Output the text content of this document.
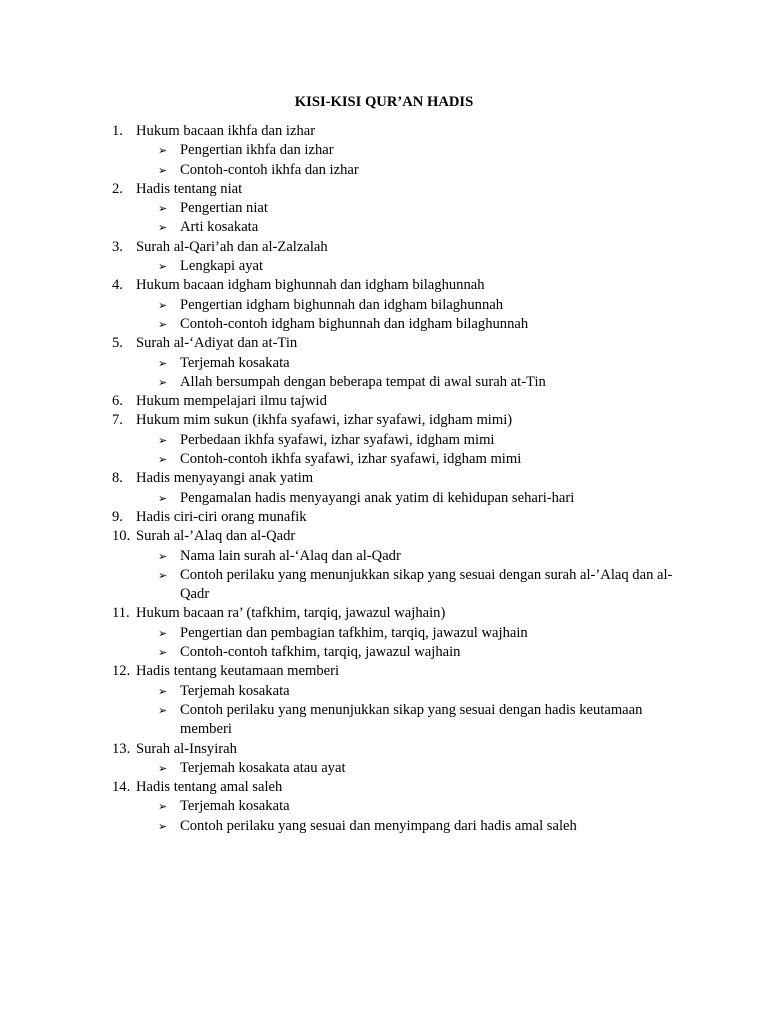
KISI-KISI QUR’AN HADIS
1. Hukum bacaan ikhfa dan izhar
➢ Pengertian ikhfa dan izhar
➢ Contoh-contoh ikhfa dan izhar
2. Hadis tentang niat
➢ Pengertian niat
➢ Arti kosakata
3. Surah al-Qari’ah dan al-Zalzalah
➢ Lengkapi ayat
4. Hukum bacaan idgham bighunnah dan idgham bilaghunnah
➢ Pengertian idgham bighunnah dan idgham bilaghunnah
➢ Contoh-contoh idgham bighunnah dan idgham bilaghunnah
5. Surah al-‘Adiyat dan at-Tin
➢ Terjemah kosakata
➢ Allah bersumpah dengan beberapa tempat di awal surah at-Tin
6. Hukum mempelajari ilmu tajwid
7. Hukum mim sukun (ikhfa syafawi, izhar syafawi, idgham mimi)
➢ Perbedaan ikhfa syafawi, izhar syafawi, idgham mimi
➢ Contoh-contoh ikhfa syafawi, izhar syafawi, idgham mimi
8. Hadis menyayangi anak yatim
➢ Pengamalan hadis menyayangi anak yatim di kehidupan sehari-hari
9. Hadis ciri-ciri orang munafik
10. Surah al-’Alaq dan al-Qadr
➢ Nama lain surah al-‘Alaq dan al-Qadr
➢ Contoh perilaku yang menunjukkan sikap yang sesuai dengan surah al-’Alaq dan al-Qadr
11. Hukum bacaan ra’ (tafkhim, tarqiq, jawazul wajhain)
➢ Pengertian dan pembagian tafkhim, tarqiq, jawazul wajhain
➢ Contoh-contoh tafkhim, tarqiq, jawazul wajhain
12. Hadis tentang keutamaan memberi
➢ Terjemah kosakata
➢ Contoh perilaku yang menunjukkan sikap yang sesuai dengan hadis keutamaan memberi
13. Surah al-Insyirah
➢ Terjemah kosakata atau ayat
14. Hadis tentang amal saleh
➢ Terjemah kosakata
➢ Contoh perilaku yang sesuai dan menyimpang dari hadis amal saleh
